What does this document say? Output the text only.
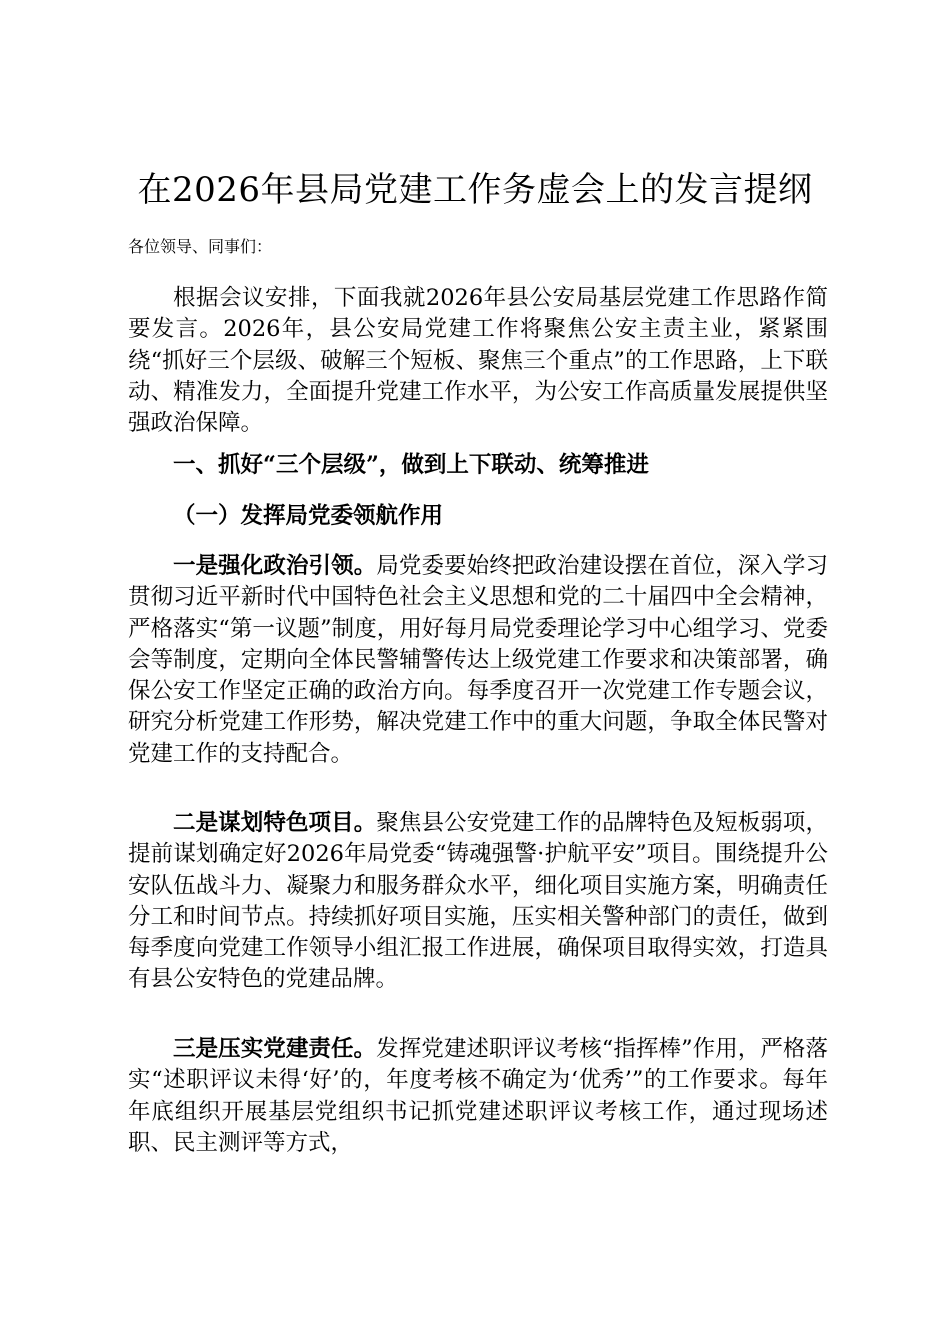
在2026年县局党建工作务虚会上的发言提纲
各位领导、同事们：

根据会议安排，下面我就2026年县公安局基层党建工作思路作简要发言。2026年，县公安局党建工作将聚焦公安主责主业，紧紧围绕“抓好三个层级、破解三个短板、聚焦三个重点”的工作思路，上下联动、精准发力，全面提升党建工作水平，为公安工作高质量发展提供坚强政治保障。

一、抓好“三个层级”，做到上下联动、统筹推进

（一）发挥局党委领航作用

一是强化政治引领。局党委要始终把政治建设摆在首位，深入学习贯彻习近平新时代中国特色社会主义思想和党的二十届四中全会精神，严格落实“第一议题”制度，用好每月局党委理论学习中心组学习、党委会等制度，定期向全体民警辅警传达上级党建工作要求和决策部署，确保公安工作坚定正确的政治方向。每季度召开一次党建工作专题会议，研究分析党建工作形势，解决党建工作中的重大问题，争取全体民警对党建工作的支持配合。

二是谋划特色项目。聚焦县公安党建工作的品牌特色及短板弱项，提前谋划确定好2026年局党委“铸魂强警·护航平安”项目。围绕提升公安队伍战斗力、凝聚力和服务群众水平，细化项目实施方案，明确责任分工和时间节点。持续抓好项目实施，压实相关警种部门的责任，做到每季度向党建工作领导小组汇报工作进展，确保项目取得实效，打造具有县公安特色的党建品牌。

三是压实党建责任。发挥党建述职评议考核“指挥棒”作用，严格落实“述职评议未得‘好’的，年度考核不确定为‘优秀’”的工作要求。每年年底组织开展基层党组织书记抓党建述职评议考核工作，通过现场述职、民主测评等方式，
